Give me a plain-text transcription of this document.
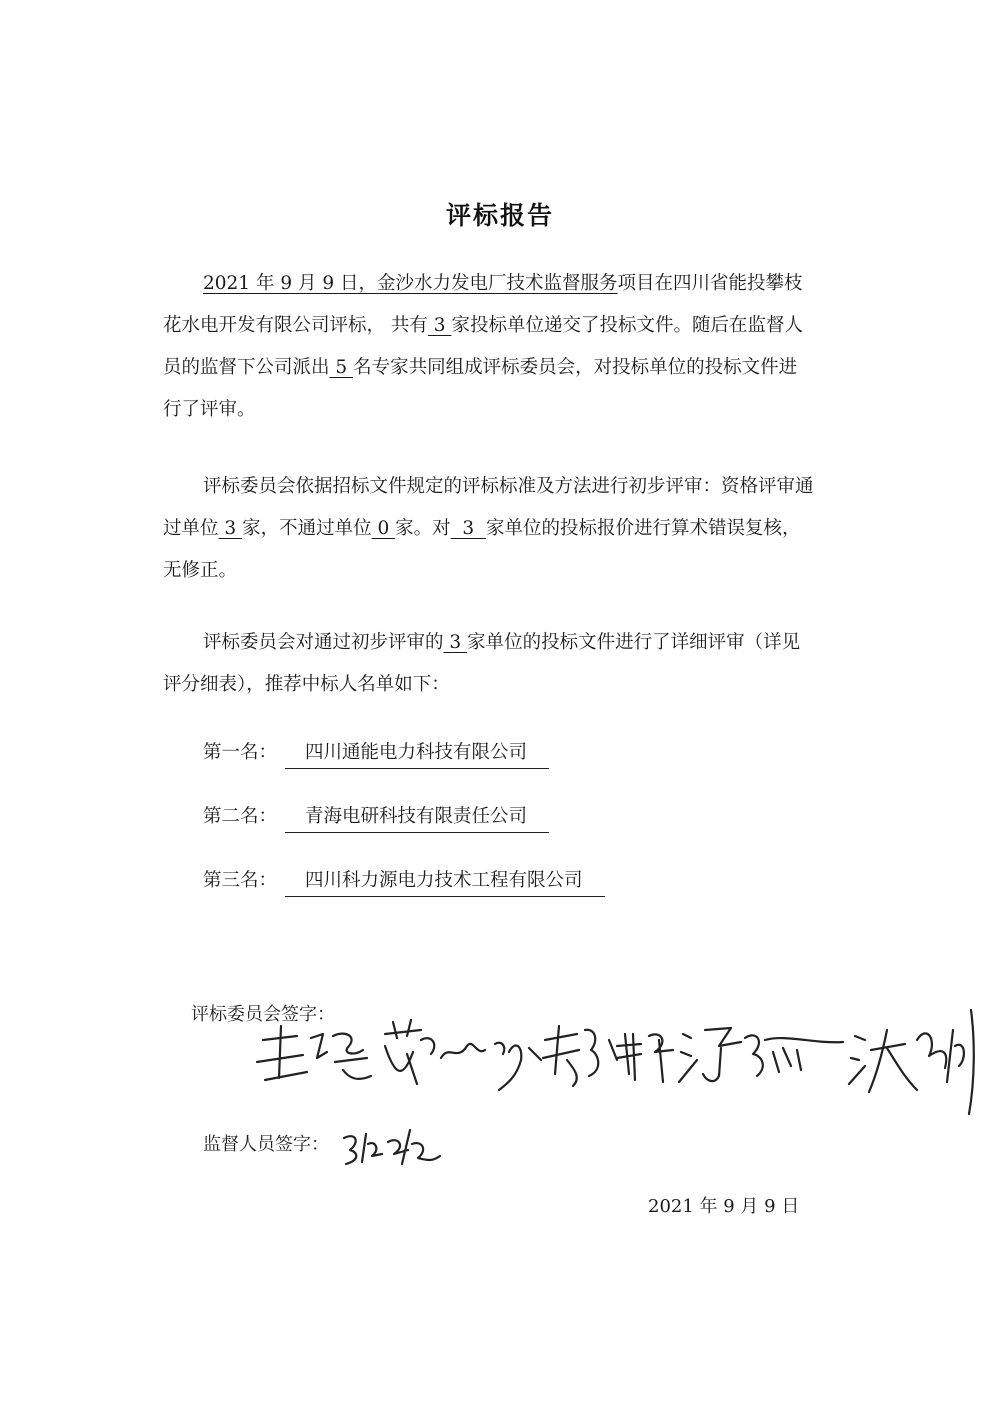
评标报告
2021 年 9 月 9 日，金沙水力发电厂技术监督服务项目在四川省能投攀枝
花水电开发有限公司评标， 共有 3 家投标单位递交了投标文件。随后在监督人
员的监督下公司派出 5 名专家共同组成评标委员会，对投标单位的投标文件进
行了评审。
评标委员会依据招标文件规定的评标标准及方法进行初步评审：资格评审通
过单位 3 家，不通过单位 0 家。对  3  家单位的投标报价进行算术错误复核，
无修正。
评标委员会对通过初步评审的 3 家单位的投标文件进行了详细评审（详见
评分细表），推荐中标人名单如下：
第一名： 四川通能电力科技有限公司
第二名： 青海电研科技有限责任公司
第三名： 四川科力源电力技术工程有限公司
评标委员会签字：
监督人员签字：
2021 年 9 月 9 日
